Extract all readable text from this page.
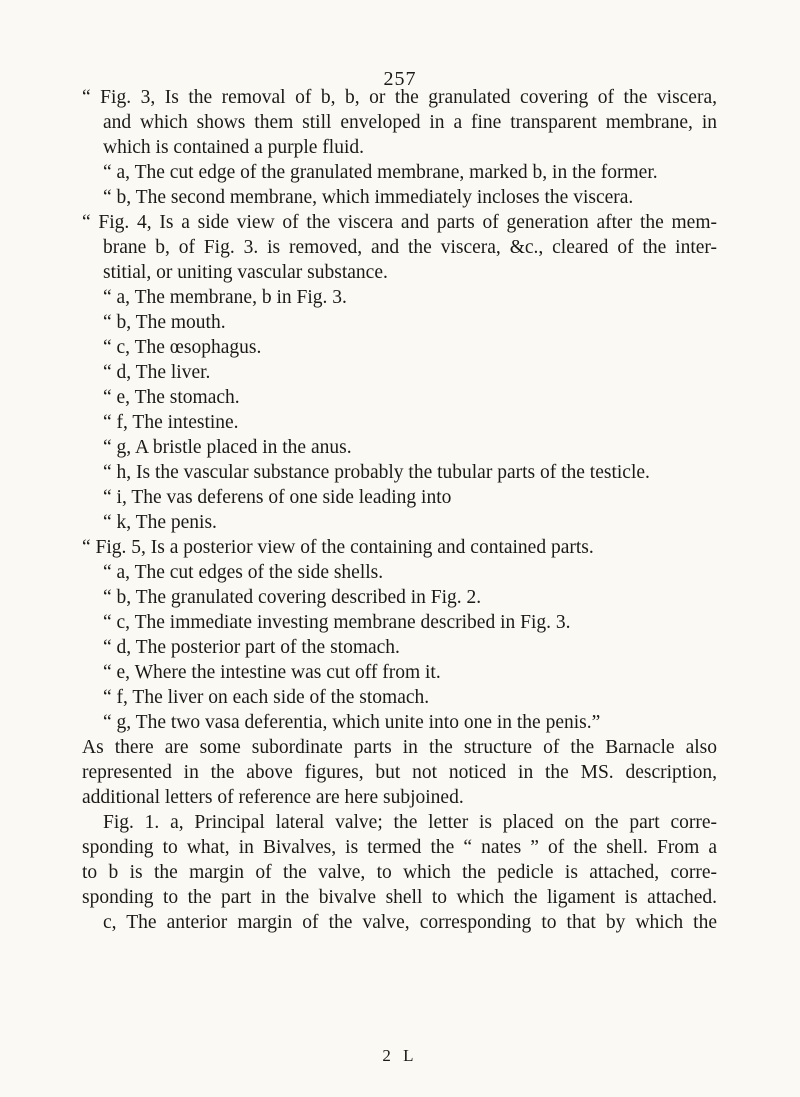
257
“ Fig. 3, Is the removal of b, b, or the granulated covering of the viscera,
and which shows them still enveloped in a fine transparent membrane, in
which is contained a purple fluid.
“ a, The cut edge of the granulated membrane, marked b, in the former.
“ b, The second membrane, which immediately incloses the viscera.
“ Fig. 4, Is a side view of the viscera and parts of generation after the mem-
brane b, of Fig. 3. is removed, and the viscera, &c., cleared of the inter-
stitial, or uniting vascular substance.
“ a, The membrane, b in Fig. 3.
“ b, The mouth.
“ c, The œsophagus.
“ d, The liver.
“ e, The stomach.
“ f, The intestine.
“ g, A bristle placed in the anus.
“ h, Is the vascular substance probably the tubular parts of the testicle.
“ i, The vas deferens of one side leading into
“ k, The penis.
“ Fig. 5, Is a posterior view of the containing and contained parts.
“ a, The cut edges of the side shells.
“ b, The granulated covering described in Fig. 2.
“ c, The immediate investing membrane described in Fig. 3.
“ d, The posterior part of the stomach.
“ e, Where the intestine was cut off from it.
“ f, The liver on each side of the stomach.
“ g, The two vasa deferentia, which unite into one in the penis.”
As there are some subordinate parts in the structure of the Barnacle also
represented in the above figures, but not noticed in the MS. description,
additional letters of reference are here subjoined.
Fig. 1. a, Principal lateral valve; the letter is placed on the part corre-
sponding to what, in Bivalves, is termed the “ nates ” of the shell. From a
to b is the margin of the valve, to which the pedicle is attached, corre-
sponding to the part in the bivalve shell to which the ligament is attached.
c, The anterior margin of the valve, corresponding to that by which the
2 L
